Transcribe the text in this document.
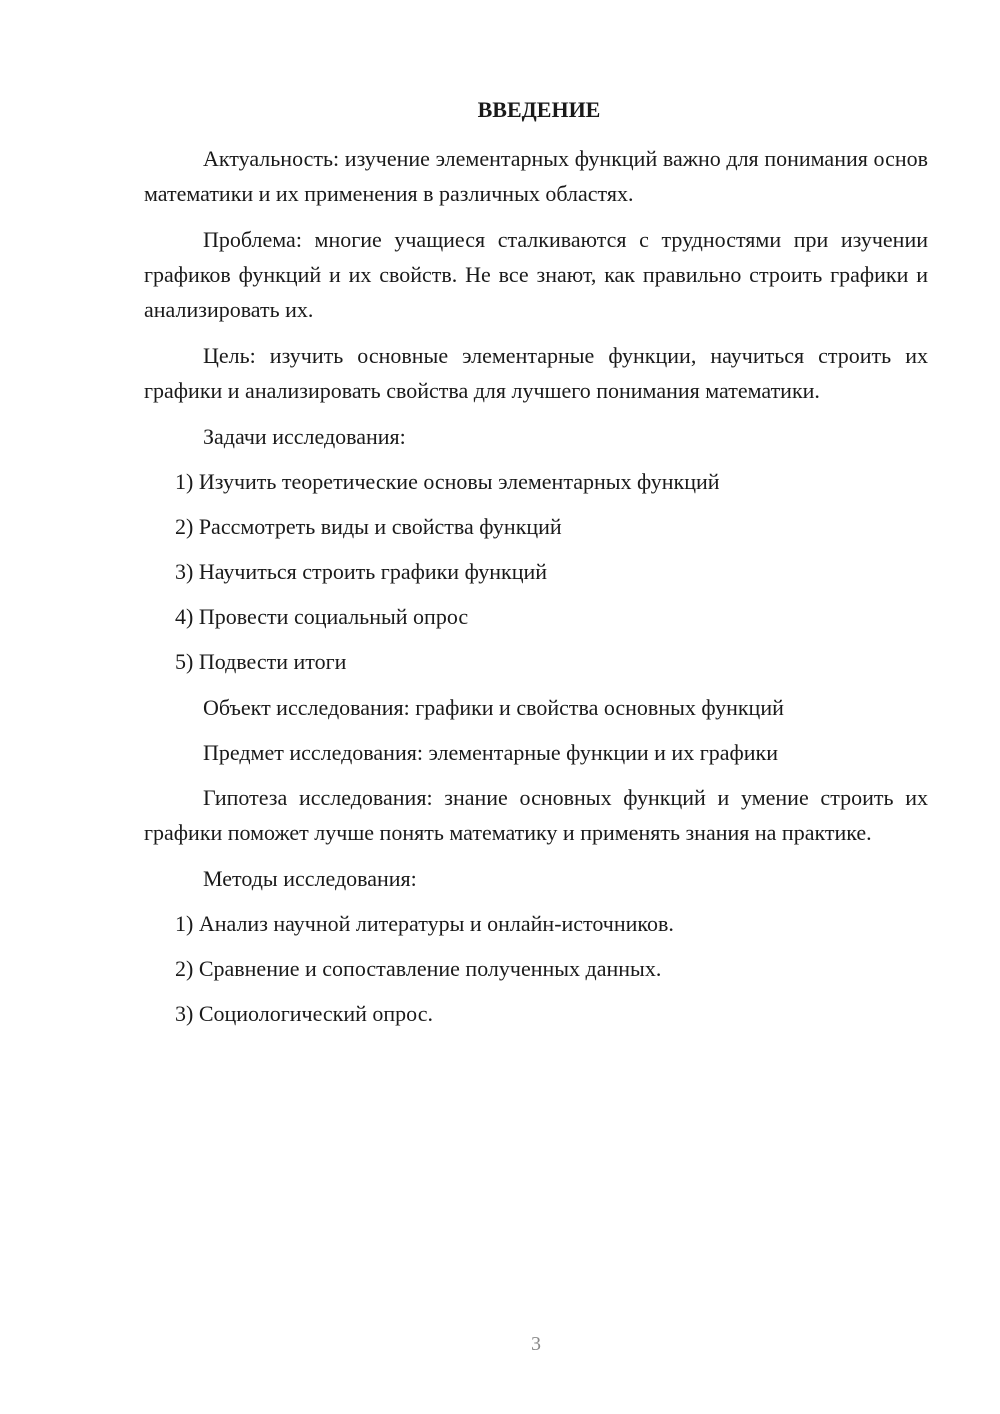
ВВЕДЕНИЕ

Актуальность: изучение элементарных функций важно для понимания основ математики и их применения в различных областях.

Проблема: многие учащиеся сталкиваются с трудностями при изучении графиков функций и их свойств. Не все знают, как правильно строить графики и анализировать их.

Цель: изучить основные элементарные функции, научиться строить их графики и анализировать свойства для лучшего понимания математики.

Задачи исследования:

1) Изучить теоретические основы элементарных функций

2) Рассмотреть виды и свойства функций

3) Научиться строить графики функций

4) Провести социальный опрос

5) Подвести итоги

Объект исследования: графики и свойства основных функций

Предмет исследования: элементарные функции и их графики

Гипотеза исследования: знание основных функций и умение строить их графики поможет лучше понять математику и применять знания на практике.

Методы исследования:

1) Анализ научной литературы и онлайн-источников.

2) Сравнение и сопоставление полученных данных.

3) Социологический опрос.

3
